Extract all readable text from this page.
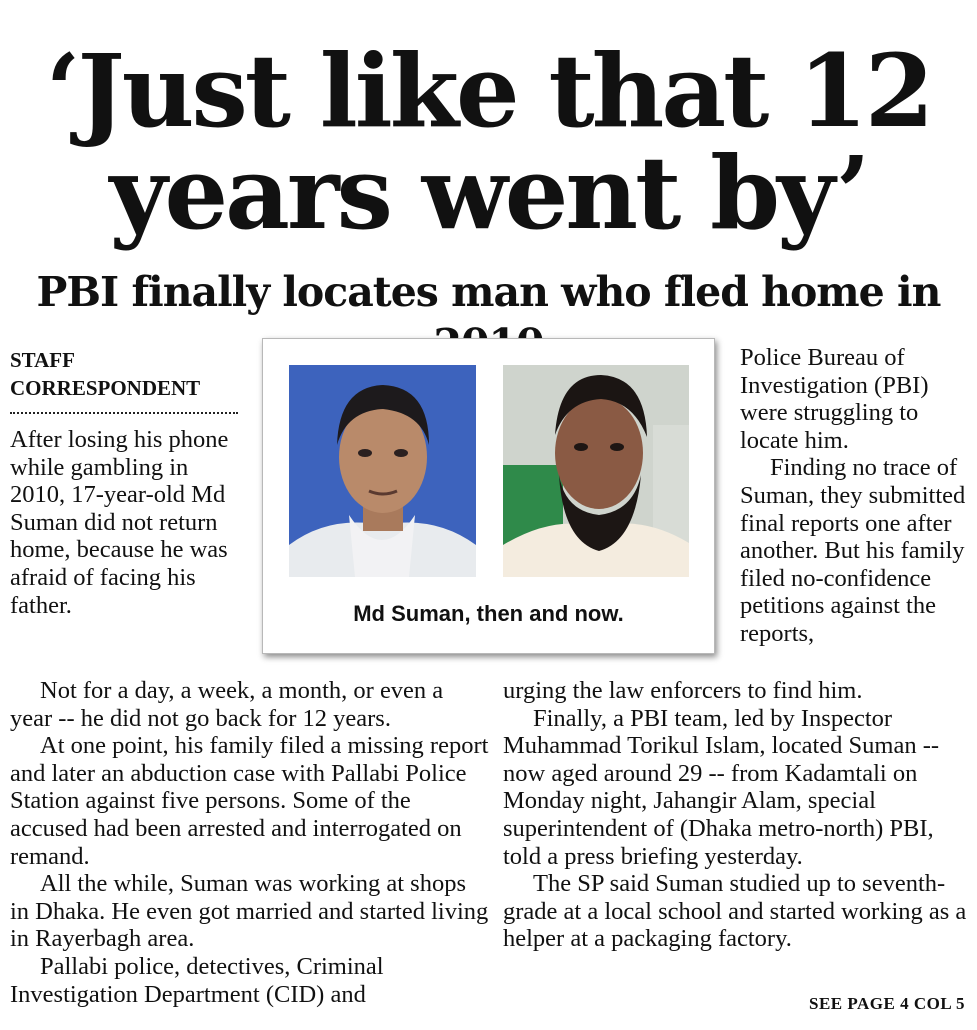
‘Just like that 12
years went by’
PBI finally locates man who fled home in
STAFF
CORRESPONDENT

After losing his phone while gambling in 2010, 17-year-old Md Suman did not return home, because he was afraid of facing his father.

Not for a day, a week, a month, or even a year -- he did not go back for 12 years.

At one point, his family filed a missing report and later an abduction case with Pallabi Police Station against five persons. Some of the accused had been arrested and interrogated on remand.

All the while, Suman was working at shops in Dhaka. He even got married and started living in Rayerbagh area.

Pallabi police, detectives, Criminal Investigation Department (CID) and

Md Suman, then and now.

Police Bureau of Investigation (PBI) were struggling to locate him.

Finding no trace of Suman, they submitted final reports one after another. But his family filed no-confidence petitions against the reports,

urging the law enforcers to find him.

Finally, a PBI team, led by Inspector Muhammad Torikul Islam, located Suman -- now aged around 29 -- from Kadamtali on Monday night, Jahangir Alam, special superintendent of (Dhaka metro-north) PBI, told a press briefing yesterday.

The SP said Suman studied up to seventh-grade at a local school and started working as a helper at a packaging factory.

SEE PAGE 4 COL 5
